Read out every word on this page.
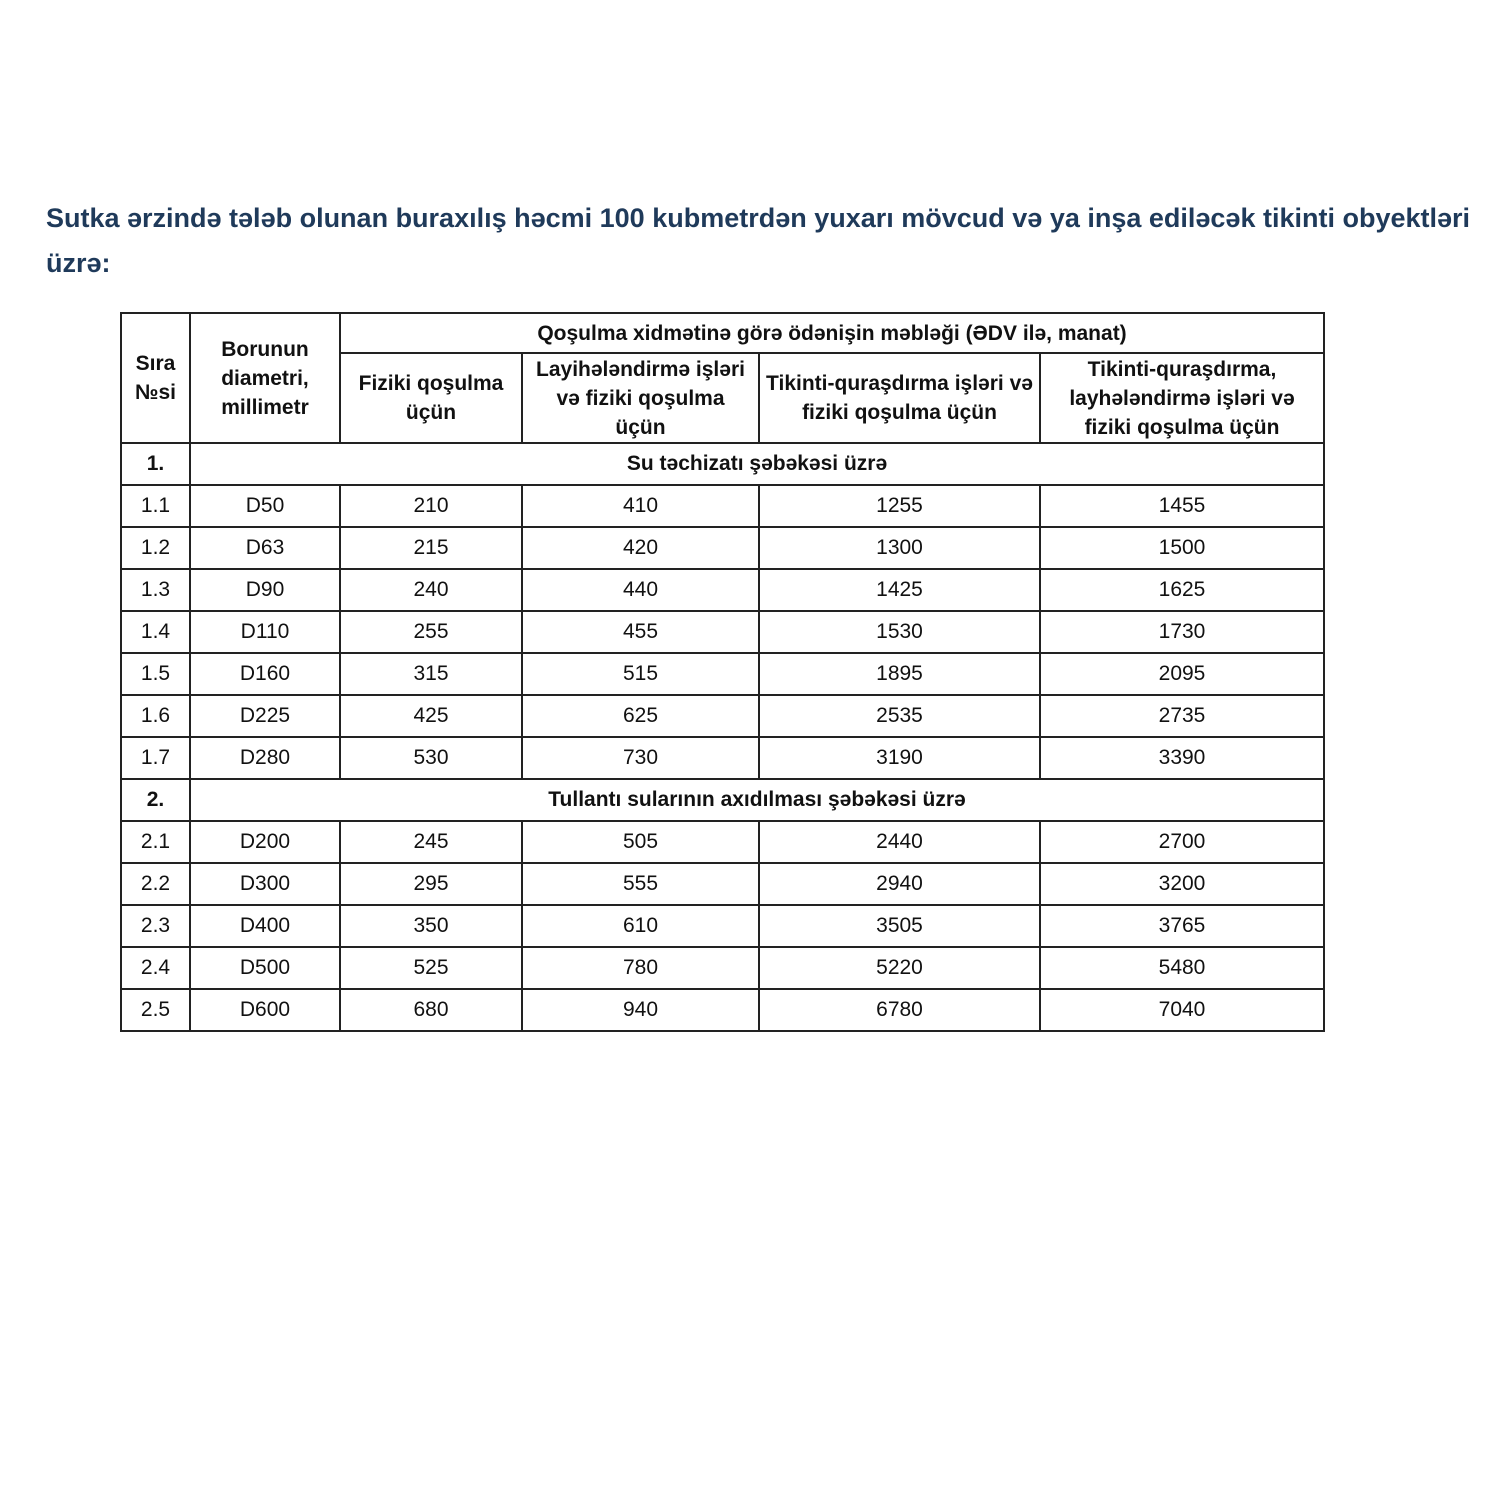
Sutka ərzində tələb olunan buraxılış həcmi 100 kubmetrdən yuxarı mövcud və ya inşa ediləcək tikinti obyektləri üzrə:
Sıra №si	Borunun diametri, millimetr	Qoşulma xidmətinə görə ödənişin məbləği (ƏDV ilə, manat)			
		Fiziki qoşulma üçün	Layihələndirmə işləri və fiziki qoşulma üçün	Tikinti-quraşdırma işləri və fiziki qoşulma üçün	Tikinti-quraşdırma, layhələndirmə işləri və fiziki qoşulma üçün
1.	Su təchizatı şəbəkəsi üzrə				
1.1	D50	210	410	1255	1455
1.2	D63	215	420	1300	1500
1.3	D90	240	440	1425	1625
1.4	D110	255	455	1530	1730
1.5	D160	315	515	1895	2095
1.6	D225	425	625	2535	2735
1.7	D280	530	730	3190	3390
2.	Tullantı sularının axıdılması şəbəkəsi üzrə				
2.1	D200	245	505	2440	2700
2.2	D300	295	555	2940	3200
2.3	D400	350	610	3505	3765
2.4	D500	525	780	5220	5480
2.5	D600	680	940	6780	7040
